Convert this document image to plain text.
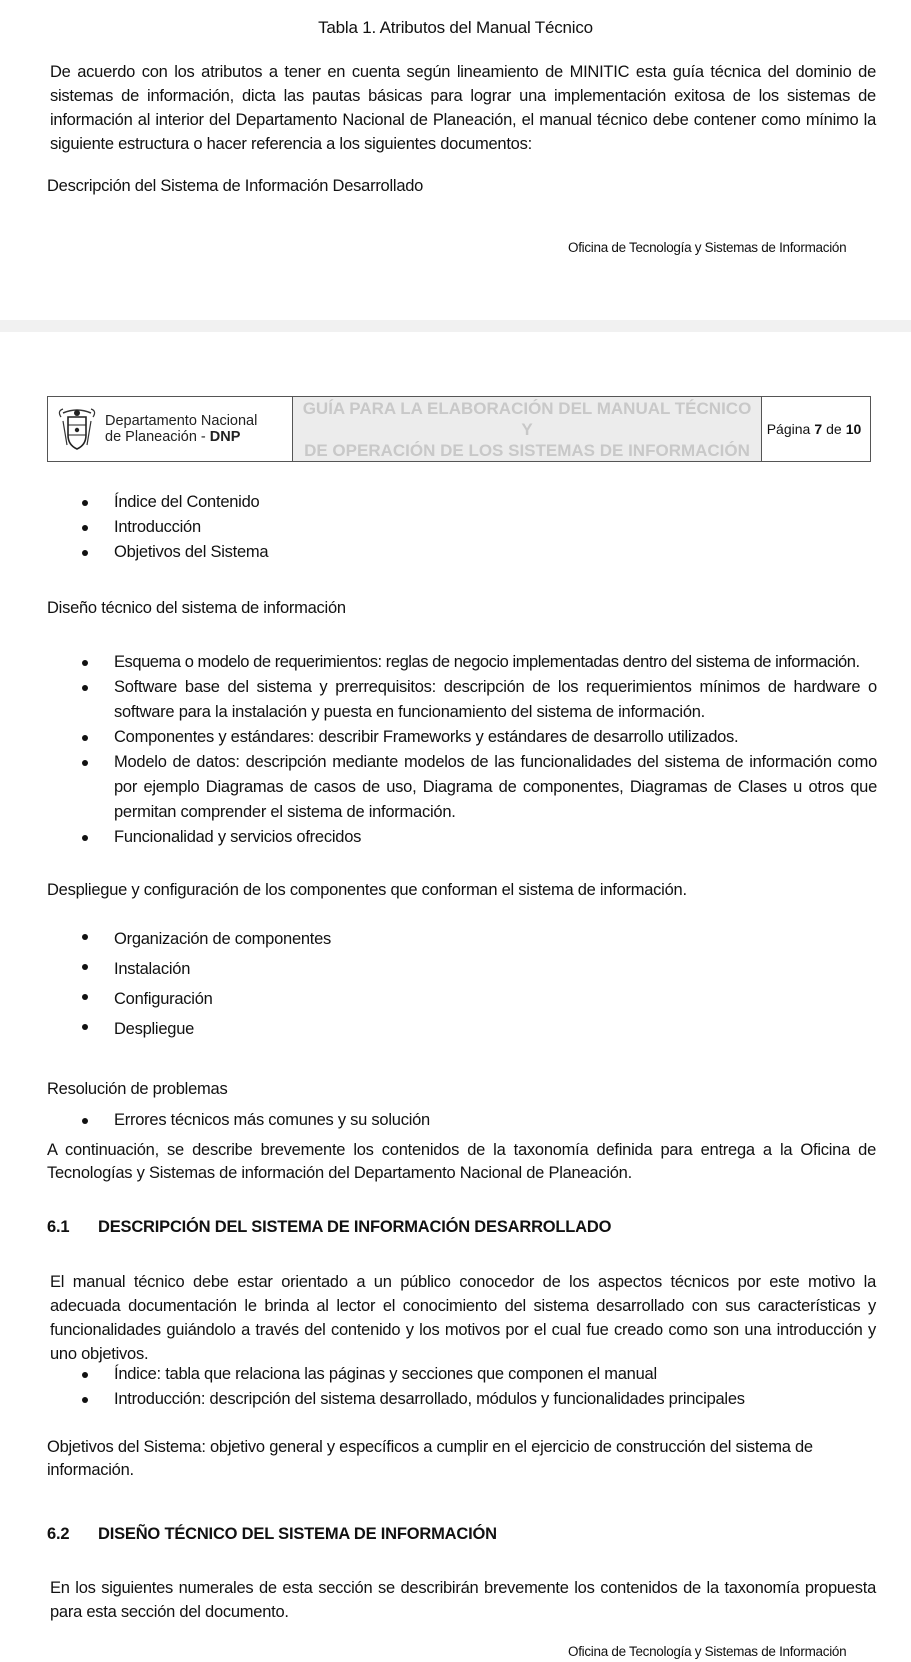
Tabla 1. Atributos del Manual Técnico

De acuerdo con los atributos a tener en cuenta según lineamiento de MINITIC esta guía técnica del dominio de sistemas de información, dicta las pautas básicas para lograr una implementación exitosa de los sistemas de información al interior del Departamento Nacional de Planeación, el manual técnico debe contener como mínimo la siguiente estructura o hacer referencia a los siguientes documentos:

Descripción del Sistema de Información Desarrollado
Oficina de Tecnología y Sistemas de Información
Departamento Nacional
de Planeación - DNP
GUÍA PARA LA ELABORACIÓN DEL MANUAL TÉCNICO Y
DE OPERACIÓN DE LOS SISTEMAS DE INFORMACIÓN
Página 7 de 10
Índice del Contenido
Introducción
Objetivos del Sistema
Diseño técnico del sistema de información
Esquema o modelo de requerimientos: reglas de negocio implementadas dentro del sistema de información.
Software base del sistema y prerrequisitos: descripción de los requerimientos mínimos de hardware o software para la instalación y puesta en funcionamiento del sistema de información.
Componentes y estándares: describir Frameworks y estándares de desarrollo utilizados.
Modelo de datos: descripción mediante modelos de las funcionalidades del sistema de información como por ejemplo Diagramas de casos de uso, Diagrama de componentes, Diagramas de Clases u otros que permitan comprender el sistema de información.
Funcionalidad y servicios ofrecidos
Despliegue y configuración de los componentes que conforman el sistema de información.
Organización de componentes
Instalación
Configuración
Despliegue
Resolución de problemas
Errores técnicos más comunes y su solución

A continuación, se describe brevemente los contenidos de la taxonomía definida para entrega a la Oficina de Tecnologías y Sistemas de información del Departamento Nacional de Planeación.

6.1 DESCRIPCIÓN DEL SISTEMA DE INFORMACIÓN DESARROLLADO

El manual técnico debe estar orientado a un público conocedor de los aspectos técnicos por este motivo la adecuada documentación le brinda al lector el conocimiento del sistema desarrollado con sus características y funcionalidades guiándolo a través del contenido y los motivos por el cual fue creado como son una introducción y uno objetivos.

Índice: tabla que relaciona las páginas y secciones que componen el manual
Introducción: descripción del sistema desarrollado, módulos y funcionalidades principales

Objetivos del Sistema: objetivo general y específicos a cumplir en el ejercicio de construcción del sistema de información.

6.2 DISEÑO TÉCNICO DEL SISTEMA DE INFORMACIÓN

En los siguientes numerales de esta sección se describirán brevemente los contenidos de la taxonomía propuesta para esta sección del documento.

Oficina de Tecnología y Sistemas de Información
